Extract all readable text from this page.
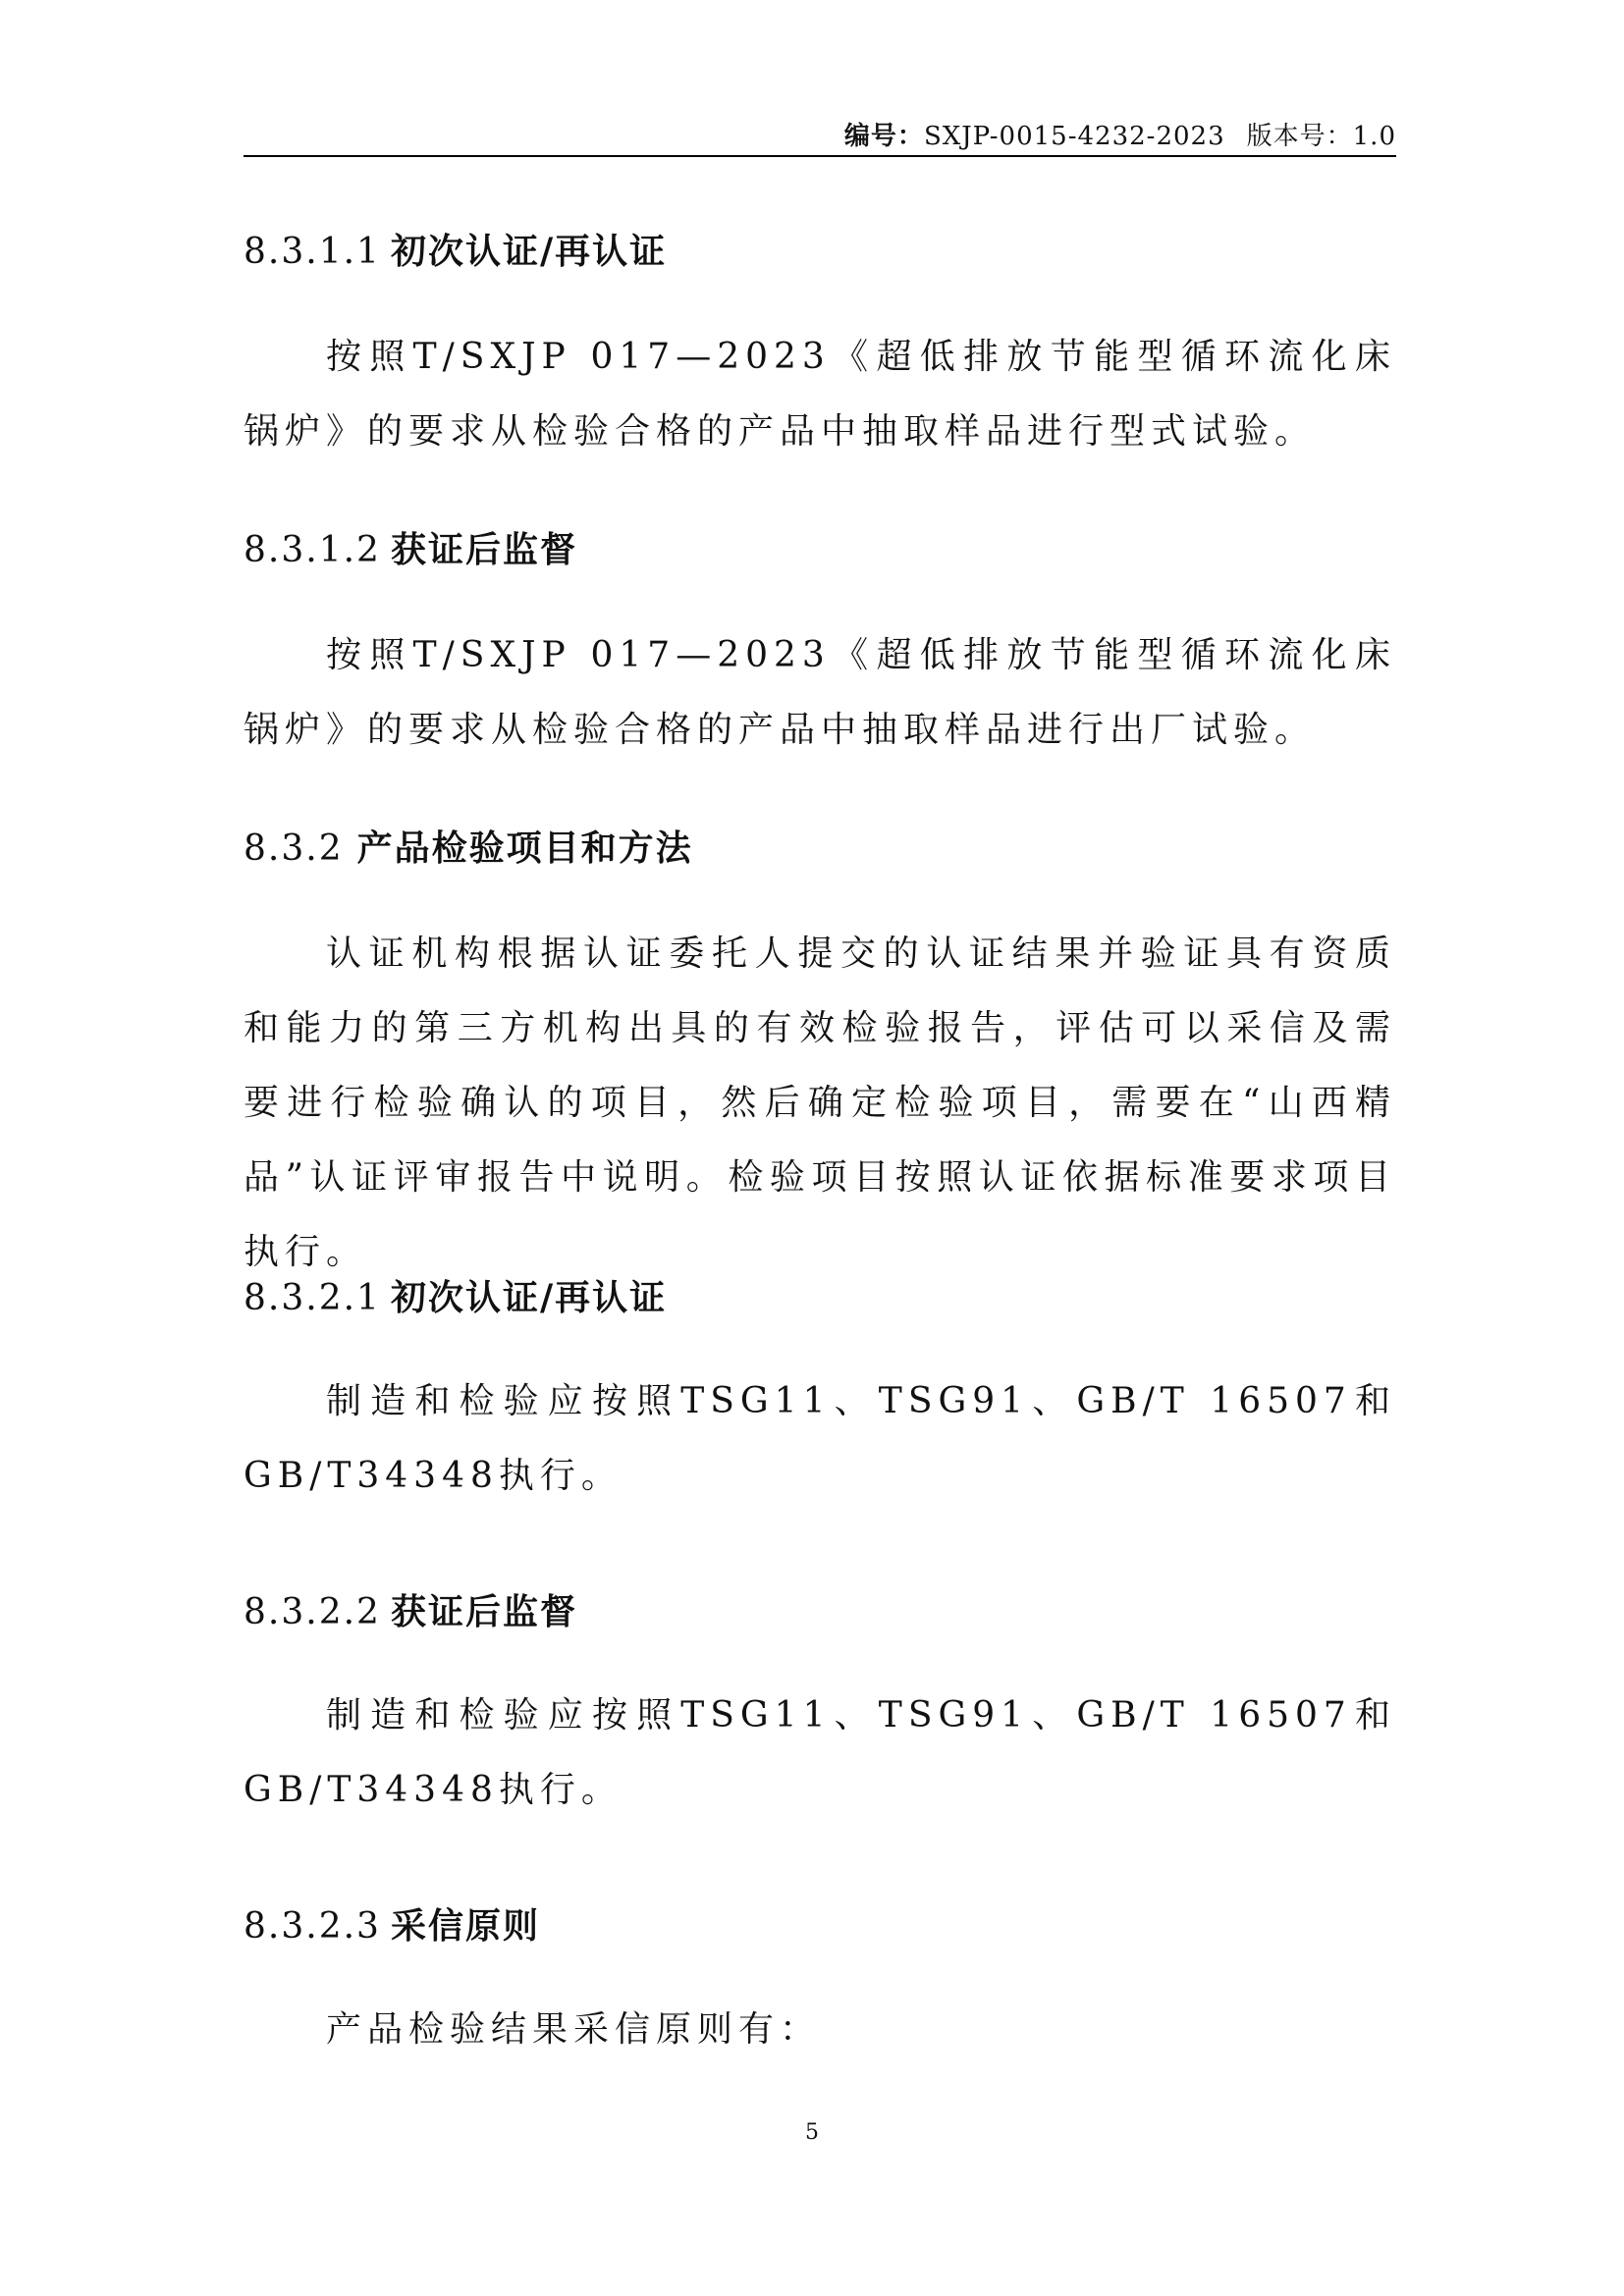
编号：SXJP-0015-4232-2023 版本号：1.0
8.3.1.1 初次认证/再认证

按照T/SXJP 017—2023《超低排放节能型循环流化床锅炉》的要求从检验合格的产品中抽取样品进行型式试验。

8.3.1.2 获证后监督

按照T/SXJP 017—2023《超低排放节能型循环流化床锅炉》的要求从检验合格的产品中抽取样品进行出厂试验。

8.3.2 产品检验项目和方法

认证机构根据认证委托人提交的认证结果并验证具有资质和能力的第三方机构出具的有效检验报告，评估可以采信及需要进行检验确认的项目，然后确定检验项目，需要在“山西精品”认证评审报告中说明。检验项目按照认证依据标准要求项目执行。

8.3.2.1 初次认证/再认证

制造和检验应按照TSG11、TSG91、GB/T 16507和GB/T34348执行。

8.3.2.2 获证后监督

制造和检验应按照TSG11、TSG91、GB/T 16507和GB/T34348执行。

8.3.2.3 采信原则

产品检验结果采信原则有：

5
